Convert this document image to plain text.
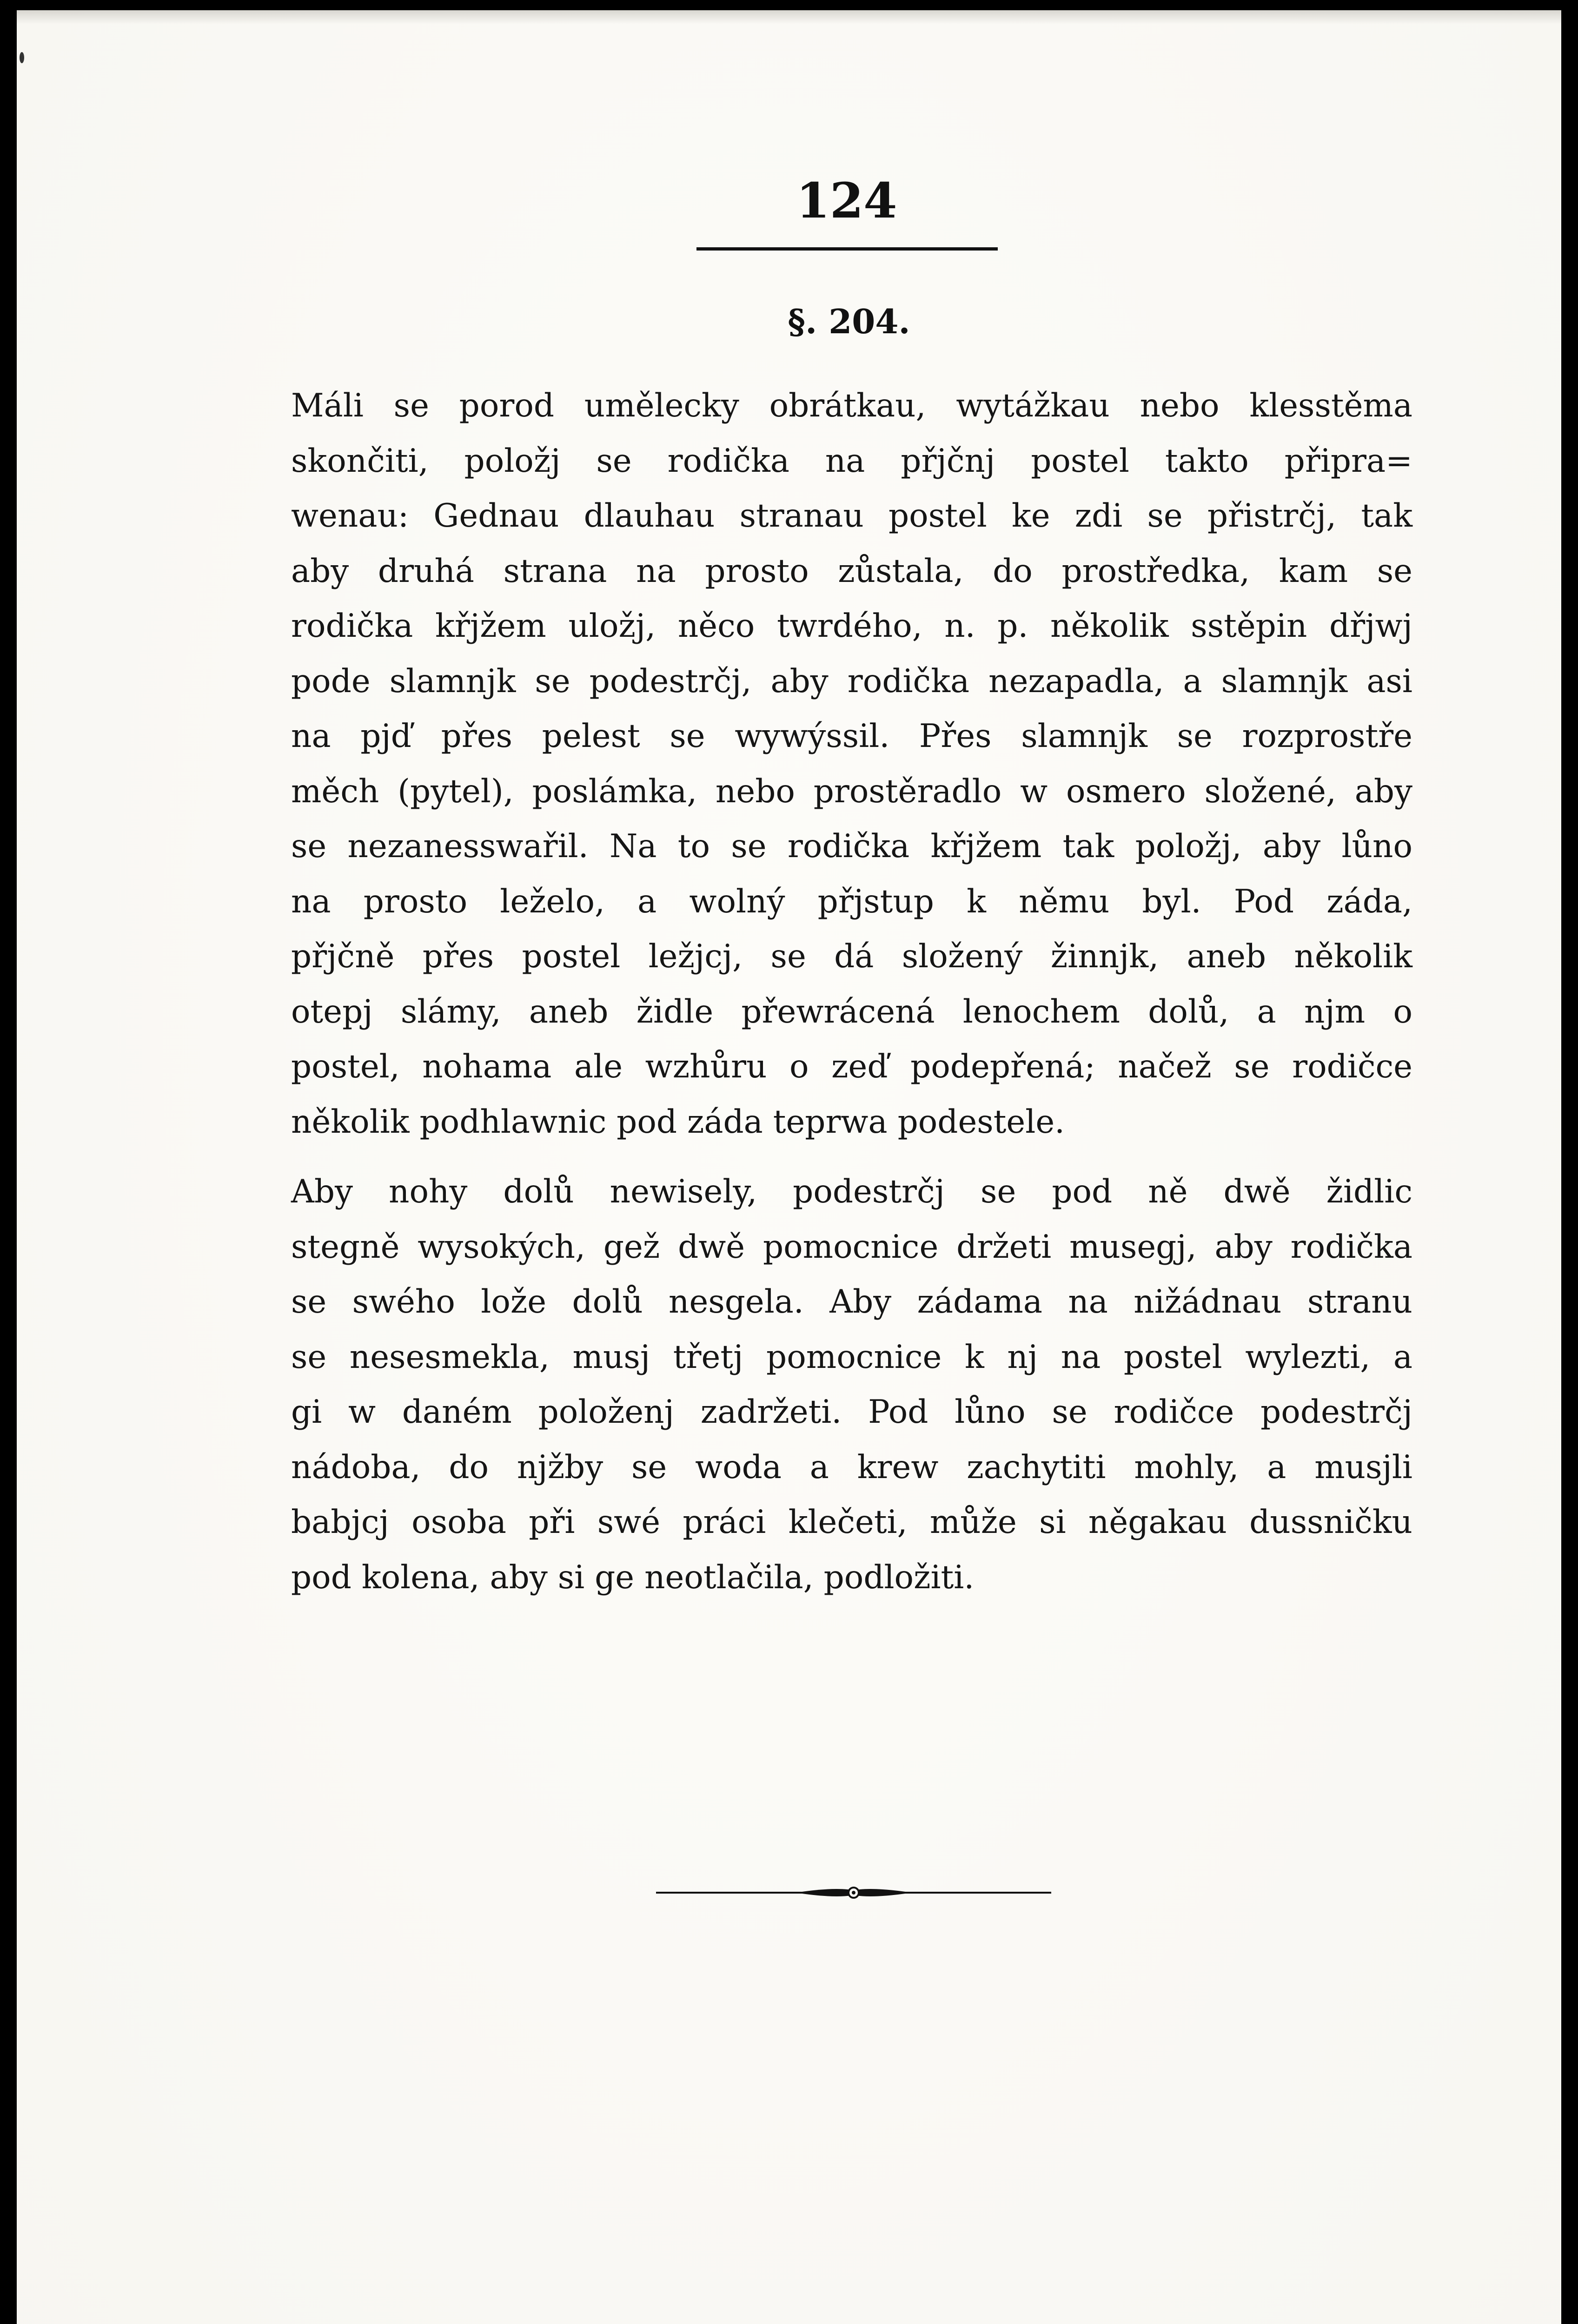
124
§. 204.

Máli se porod umělecky obrátkau, wytážkau nebo klesstěma
skončiti, položj se rodička na přjčnj postel takto připra=
wenau: Gednau dlauhau stranau postel ke zdi se přistrčj, tak
aby druhá strana na prosto zůstala, do prostředka, kam se
rodička křjžem uložj, něco twrdého, n. p. několik sstěpin dřjwj
pode slamnjk se podestrčj, aby rodička nezapadla, a slamnjk asi
na pjď přes pelest se wywýssil. Přes slamnjk se rozprostře
měch (pytel), poslámka, nebo prostěradlo w osmero složené, aby
se nezanesswařil. Na to se rodička křjžem tak položj, aby lůno
na prosto leželo, a wolný přjstup k němu byl. Pod záda,
přjčně přes postel ležjcj, se dá složený žinnjk, aneb několik
otepj slámy, aneb židle přewrácená lenochem dolů, a njm o
postel, nohama ale wzhůru o zeď podepřená; načež se rodičce
několik podhlawnic pod záda teprwa podestele.

Aby nohy dolů newisely, podestrčj se pod ně dwě židlic
stegně wysokých, gež dwě pomocnice držeti musegj, aby rodička
se swého lože dolů nesgela. Aby zádama na nižádnau stranu
se nesesmekla, musj třetj pomocnice k nj na postel wylezti, a
gi w daném položenj zadržeti. Pod lůno se rodičce podestrčj
nádoba, do njžby se woda a krew zachytiti mohly, a musjli
babjcj osoba při swé práci klečeti, může si něgakau dussničku
pod kolena, aby si ge neotlačila, podložiti.
